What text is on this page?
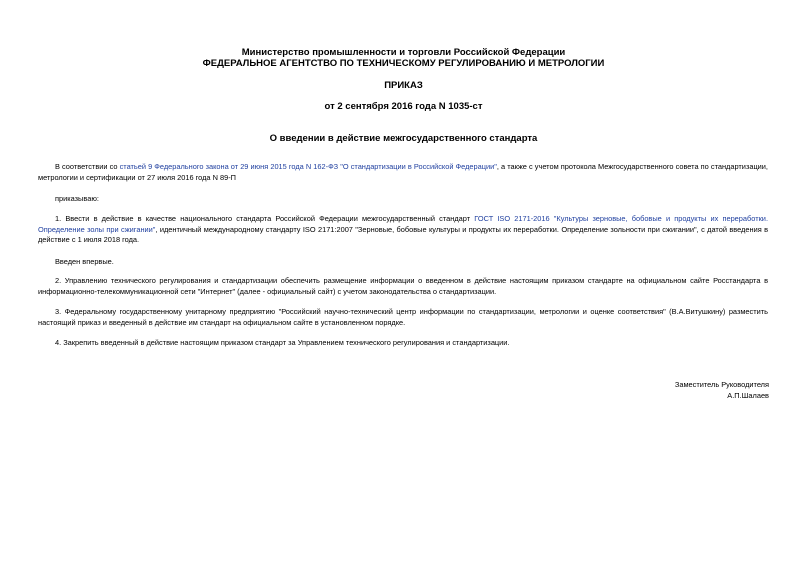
Министерство промышленности и торговли Российской Федерации
ФЕДЕРАЛЬНОЕ АГЕНТСТВО ПО ТЕХНИЧЕСКОМУ РЕГУЛИРОВАНИЮ И МЕТРОЛОГИИ
ПРИКАЗ
от 2 сентября 2016 года N 1035-ст
О введении в действие межгосударственного стандарта
В соответствии со статьей 9 Федерального закона от 29 июня 2015 года N 162-ФЗ "О стандартизации в Российской Федерации", а также с учетом протокола Межгосударственного совета по стандартизации, метрологии и сертификации от 27 июля 2016 года N 89-П
приказываю:
1. Ввести в действие в качестве национального стандарта Российской Федерации межгосударственный стандарт ГОСТ ISO 2171-2016 "Культуры зерновые, бобовые и продукты их переработки. Определение золы при сжигании", идентичный международному стандарту ISO 2171:2007 "Зерновые, бобовые культуры и продукты их переработки. Определение зольности при сжигании", с датой введения в действие с 1 июля 2018 года.
Введен впервые.
2. Управлению технического регулирования и стандартизации обеспечить размещение информации о введенном в действие настоящим приказом стандарте на официальном сайте Росстандарта в информационно-телекоммуникационной сети "Интернет" (далее - официальный сайт) с учетом законодательства о стандартизации.
3. Федеральному государственному унитарному предприятию "Российский научно-технический центр информации по стандартизации, метрологии и оценке соответствия" (В.А.Витушкину) разместить настоящий приказ и введенный в действие им стандарт на официальном сайте в установленном порядке.
4. Закрепить введенный в действие настоящим приказом стандарт за Управлением технического регулирования и стандартизации.
Заместитель Руководителя
А.П.Шалаев
